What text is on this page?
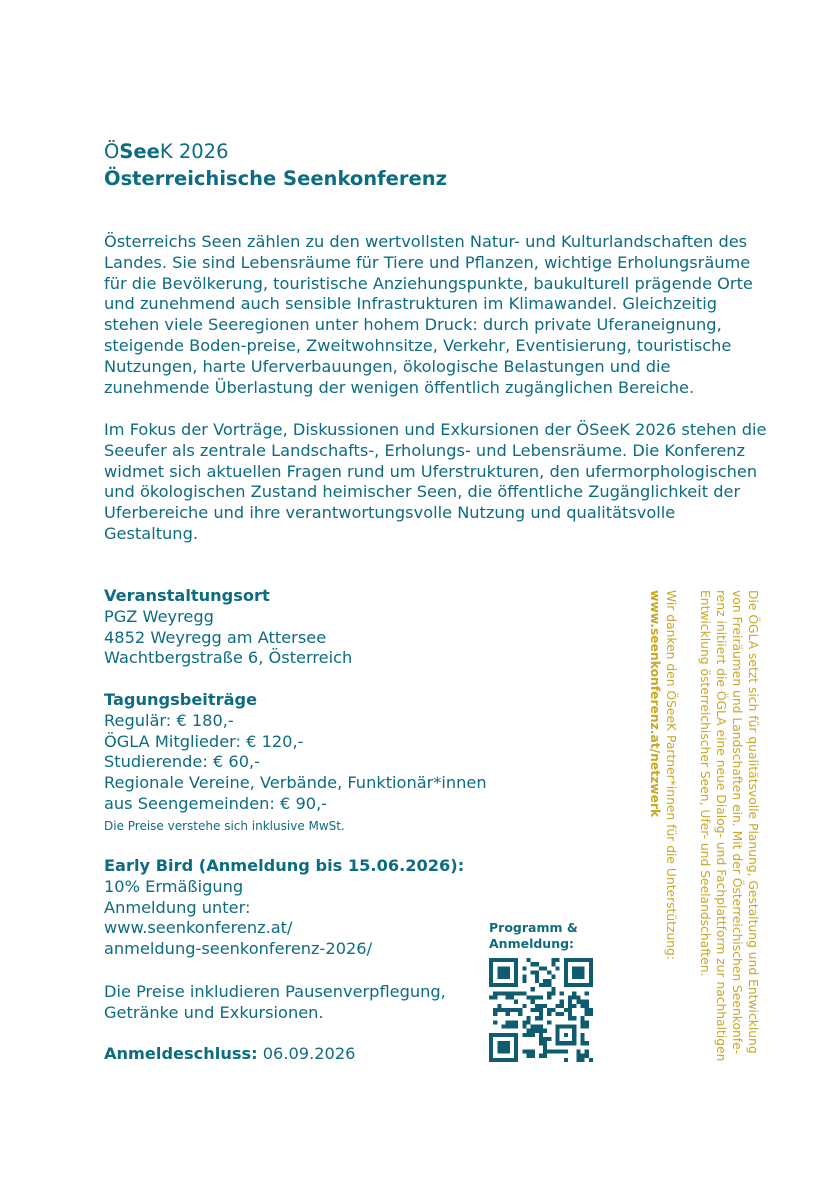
ÖSeeK 2026
Österreichische Seenkonferenz

Österreichs Seen zählen zu den wertvollsten Natur- und Kulturlandschaften des Landes. Sie sind Lebensräume für Tiere und Pflanzen, wichtige Erholungsräume für die Bevölkerung, touristische Anziehungspunkte, baukulturell prägende Orte und zunehmend auch sensible Infrastrukturen im Klimawandel. Gleichzeitig stehen viele Seeregionen unter hohem Druck: durch private Uferaneignung, steigende Boden-preise, Zweitwohnsitze, Verkehr, Eventisierung, touristische Nutzungen, harte Uferverbauungen, ökologische Belastungen und die zunehmende Überlastung der wenigen öffentlich zugänglichen Bereiche.

Im Fokus der Vorträge, Diskussionen und Exkursionen der ÖSeeK 2026 stehen die Seeufer als zentrale Landschafts-, Erholungs- und Lebensräume. Die Konferenz widmet sich aktuellen Fragen rund um Uferstrukturen, den ufermorphologischen und ökologischen Zustand heimischer Seen, die öffentliche Zugänglichkeit der Uferbereiche und ihre verantwortungsvolle Nutzung und qualitätsvolle Gestaltung.

Veranstaltungsort
PGZ Weyregg
4852 Weyregg am Attersee
Wachtbergstraße 6, Österreich
Tagungsbeiträge
Regulär: € 180,-
ÖGLA Mitglieder: € 120,-
Studierende: € 60,-
Regionale Vereine, Verbände, Funktionär*innen
aus Seengemeinden: € 90,-
Die Preise verstehe sich inklusive MwSt.
Early Bird (Anmeldung bis 15.06.2026):
10% Ermäßigung
Anmeldung unter:
www.seenkonferenz.at/
anmeldung-seenkonferenz-2026/
Die Preise inkludieren Pausenverpflegung,
Getränke und Exkursionen.
Anmeldeschluss: 06.09.2026
Programm &
Anmeldung:	Die ÖGLA setzt sich für qualitätsvolle Planung, Gestaltung und Entwicklung
von Freiräumen und Landschaften ein. Mit der Österreichischen Seenkonfe-
renz initiiert die ÖGLA eine neue Dialog- und Fachplattform zur nachhaltigen
Entwicklung österreichischer Seen, Ufer- und Seelandschaften.
Wir danken den ÖSeeK Partner*innen für die Unterstützung:
www.seenkonferenz.at/netzwerk
